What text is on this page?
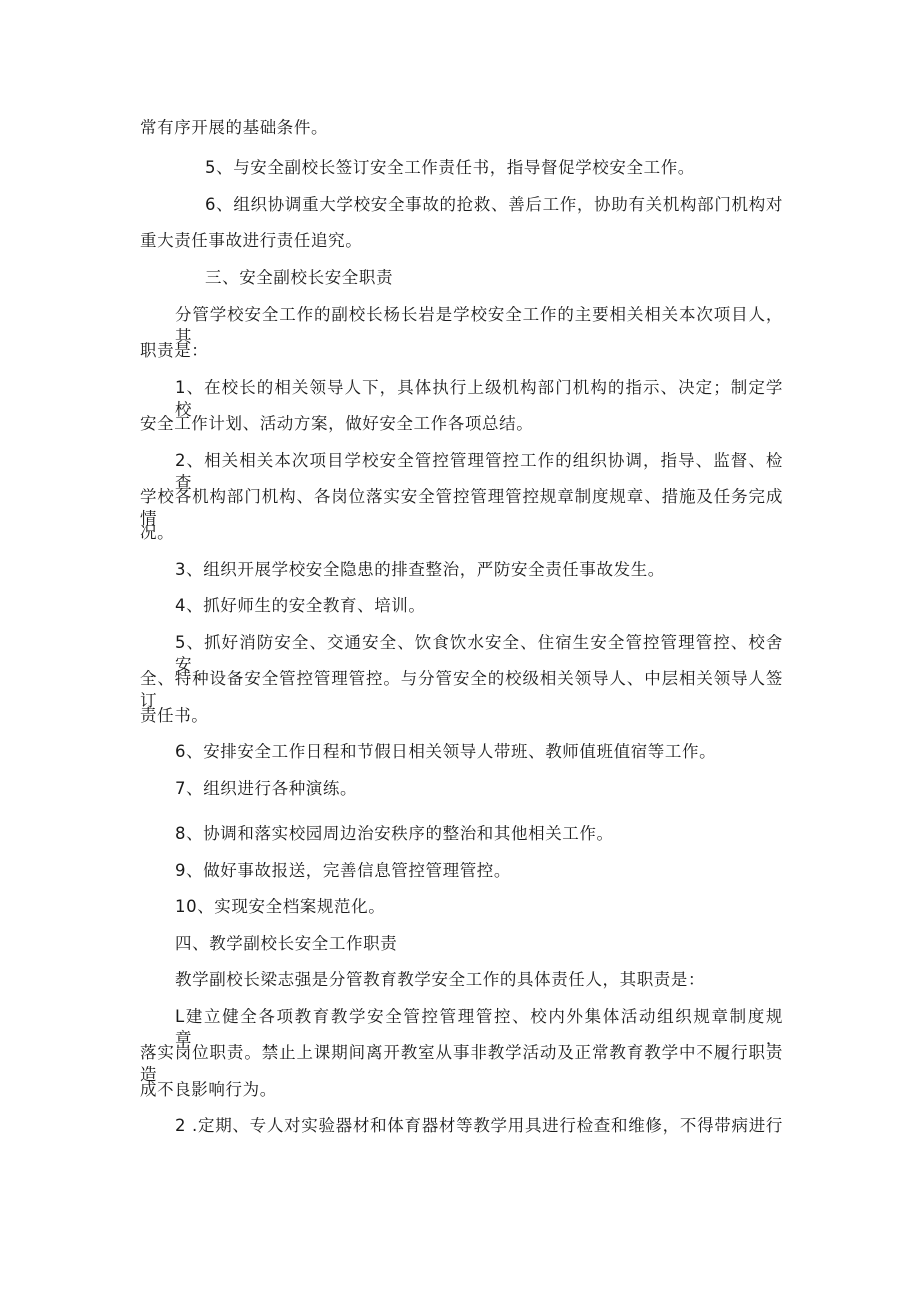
常有序开展的基础条件。
5、与安全副校长签订安全工作责任书，指导督促学校安全工作。
6、组织协调重大学校安全事故的抢救、善后工作，协助有关机构部门机构对
重大责任事故进行责任追究。
三、安全副校长安全职责
分管学校安全工作的副校长杨长岩是学校安全工作的主要相关相关本次项目人，其
职责是：
1、在校长的相关领导人下，具体执行上级机构部门机构的指示、决定；制定学校
安全工作计划、活动方案，做好安全工作各项总结。
2、相关相关本次项目学校安全管控管理管控工作的组织协调，指导、监督、检查
学校各机构部门机构、各岗位落实安全管控管理管控规章制度规章、措施及任务完成情
况。
3、组织开展学校安全隐患的排查整治，严防安全责任事故发生。
4、抓好师生的安全教育、培训。
5、抓好消防安全、交通安全、饮食饮水安全、住宿生安全管控管理管控、校舍安
全、特种设备安全管控管理管控。与分管安全的校级相关领导人、中层相关领导人签订
责任书。
6、安排安全工作日程和节假日相关领导人带班、教师值班值宿等工作。
7、组织进行各种演练。
8、协调和落实校园周边治安秩序的整治和其他相关工作。
9、做好事故报送，完善信息管控管理管控。
10、实现安全档案规范化。
四、教学副校长安全工作职责
教学副校长梁志强是分管教育教学安全工作的具体责任人，其职责是：
L建立健全各项教育教学安全管控管理管控、校内外集体活动组织规章制度规章，
落实岗位职责。禁止上课期间离开教室从事非教学活动及正常教育教学中不履行职责造
成不良影响行为。
2 .定期、专人对实验器材和体育器材等教学用具进行检查和维修，不得带病进行
